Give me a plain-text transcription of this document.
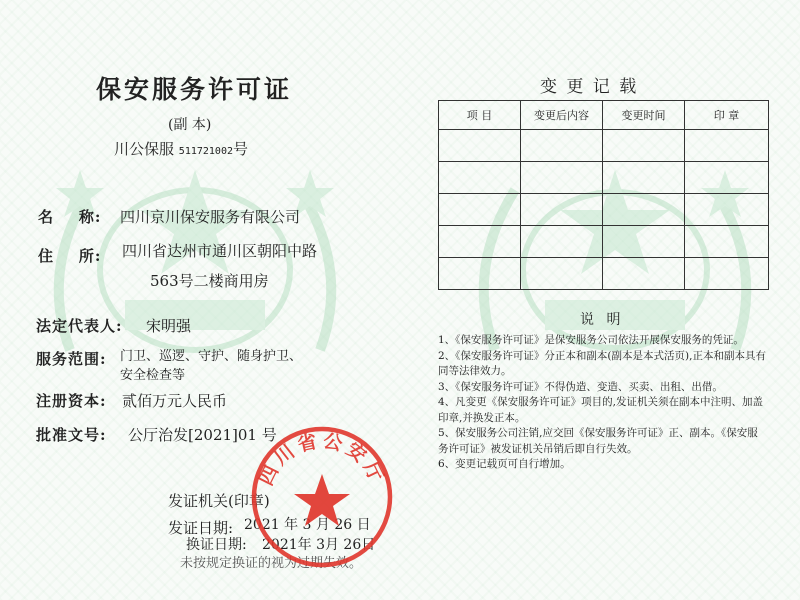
保安服务许可证
(副 本)
川公保服 511721002号
名    称: 四川京川保安服务有限公司
住    所: 四川省达州市通川区朝阳中路
563号二楼商用房
法定代表人: 宋明强
服务范围: 门卫、巡逻、守护、随身护卫、
安全检查等
注册资本: 贰佰万元人民币
批准文号: 公厅治发[2021]01 号
发证机关(印章)
发证日期: 2021 年 3 月 26 日
换证日期: 2021年 3月 26日
未按规定换证的视为过期失效。
四川省公安厅
变 更 记 载
项 目	变更后内容	变更时间	印 章

说 明
1、《保安服务许可证》是保安服务公司依法开展保安服务的凭证。
2、《保安服务许可证》分正本和副本(副本是本式活页),正本和副本具有同等法律效力。
3、《保安服务许可证》不得伪造、变造、买卖、出租、出借。
4、凡变更《保安服务许可证》项目的,发证机关须在副本中注明、加盖印章,并换发正本。
5、保安服务公司注销,应交回《保安服务许可证》正、副本。《保安服务许可证》被发证机关吊销后即自行失效。
6、变更记载页可自行增加。
